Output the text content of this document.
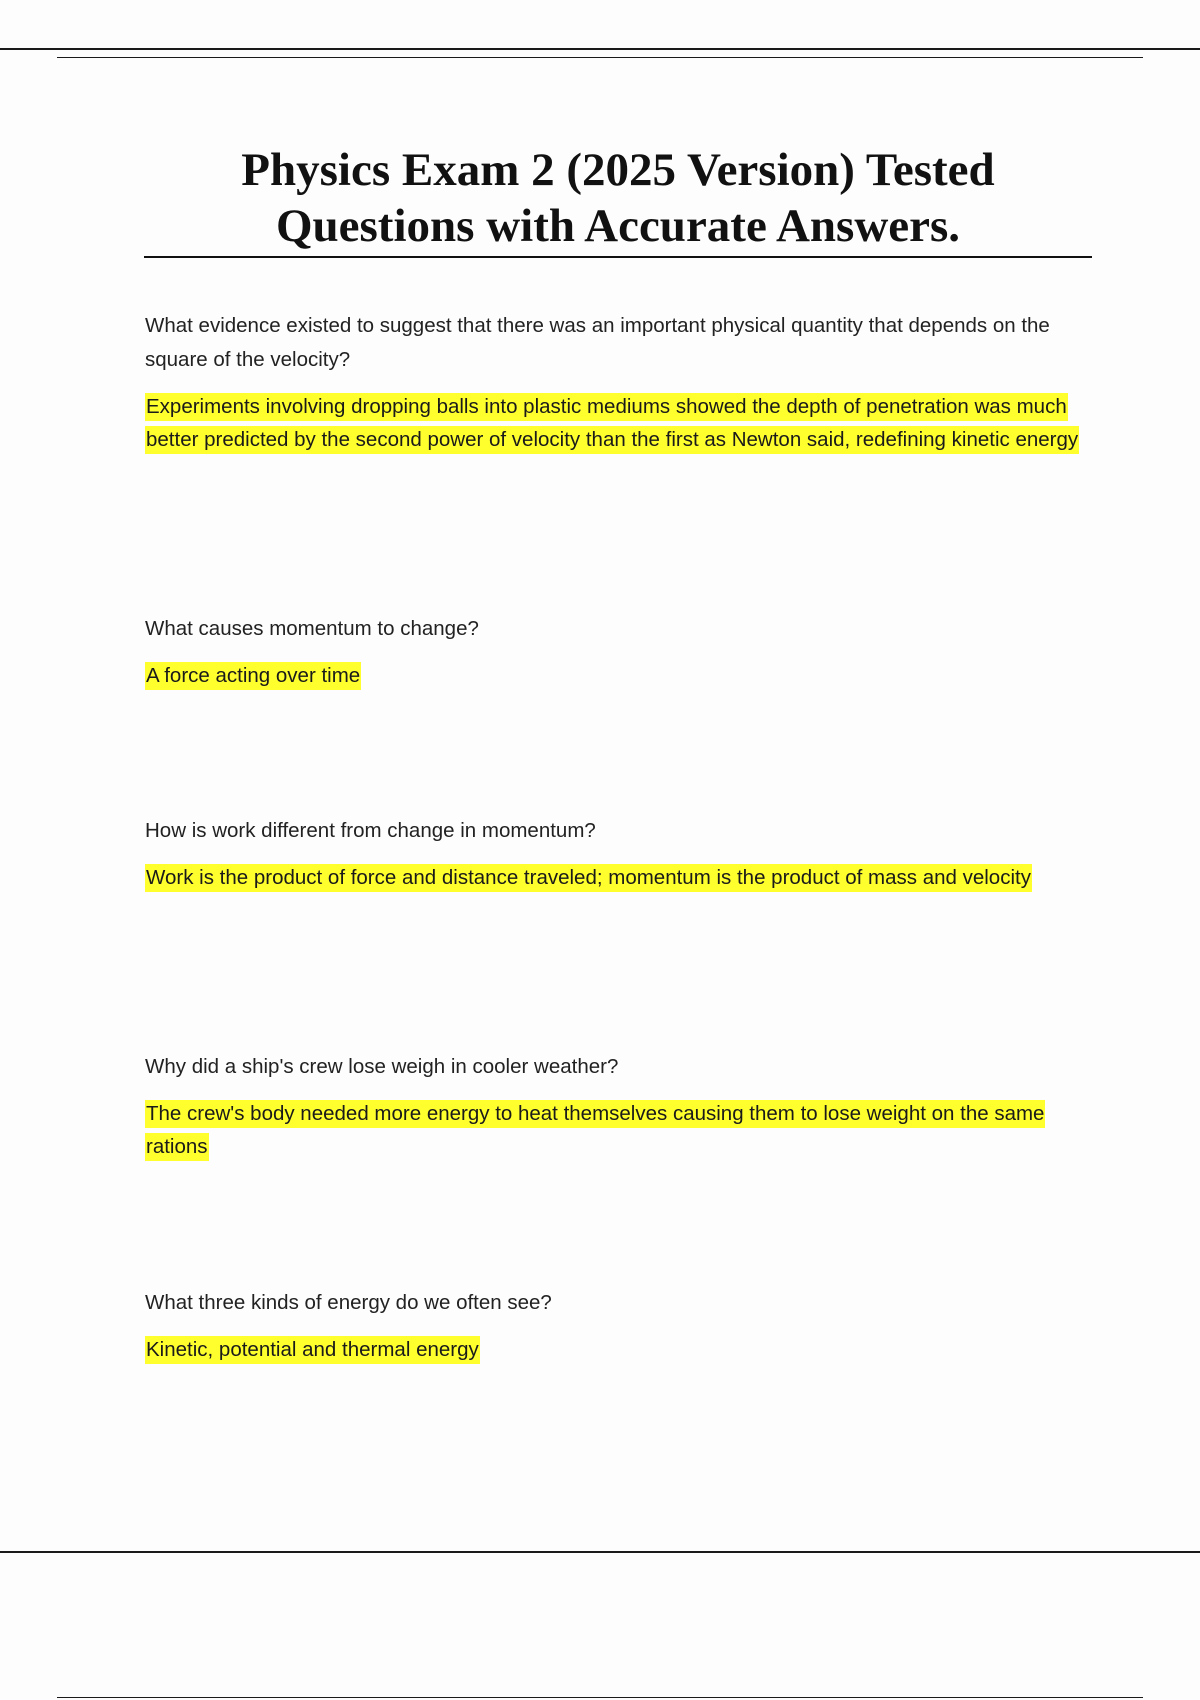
Physics Exam 2 (2025 Version) Tested Questions with Accurate Answers.

What evidence existed to suggest that there was an important physical quantity that depends on the square of the velocity?

Experiments involving dropping balls into plastic mediums showed the depth of penetration was much better predicted by the second power of velocity than the first as Newton said, redefining kinetic energy

What causes momentum to change?

A force acting over time

How is work different from change in momentum?

Work is the product of force and distance traveled; momentum is the product of mass and velocity

Why did a ship's crew lose weigh in cooler weather?

The crew's body needed more energy to heat themselves causing them to lose weight on the same rations

What three kinds of energy do we often see?

Kinetic, potential and thermal energy
